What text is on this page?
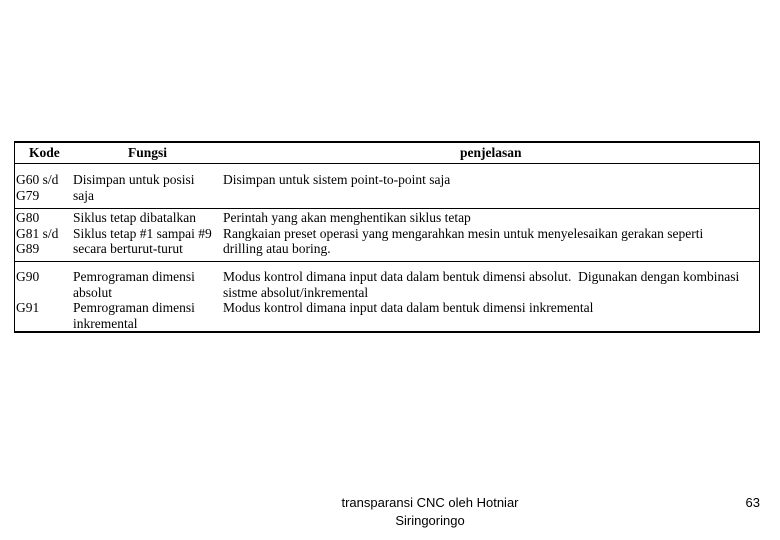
Kode	Fungsi	penjelasan
G60 s/d
G79
Disimpan untuk posisi
saja
Disimpan untuk sistem point-to-point saja
G80
G81 s/d
G89
Siklus tetap dibatalkan
Siklus tetap #1 sampai #9
secara berturut-turut
Perintah yang akan menghentikan siklus tetap
Rangkaian preset operasi yang mengarahkan mesin untuk menyelesaikan gerakan seperti
drilling atau boring.
G90

G91
Pemrograman dimensi
absolut
Pemrograman dimensi
inkremental
Modus kontrol dimana input data dalam bentuk dimensi absolut.  Digunakan dengan kombinasi
sistme absolut/inkremental
Modus kontrol dimana input data dalam bentuk dimensi inkremental
transparansi CNC oleh Hotniar
Siringoringo
63
